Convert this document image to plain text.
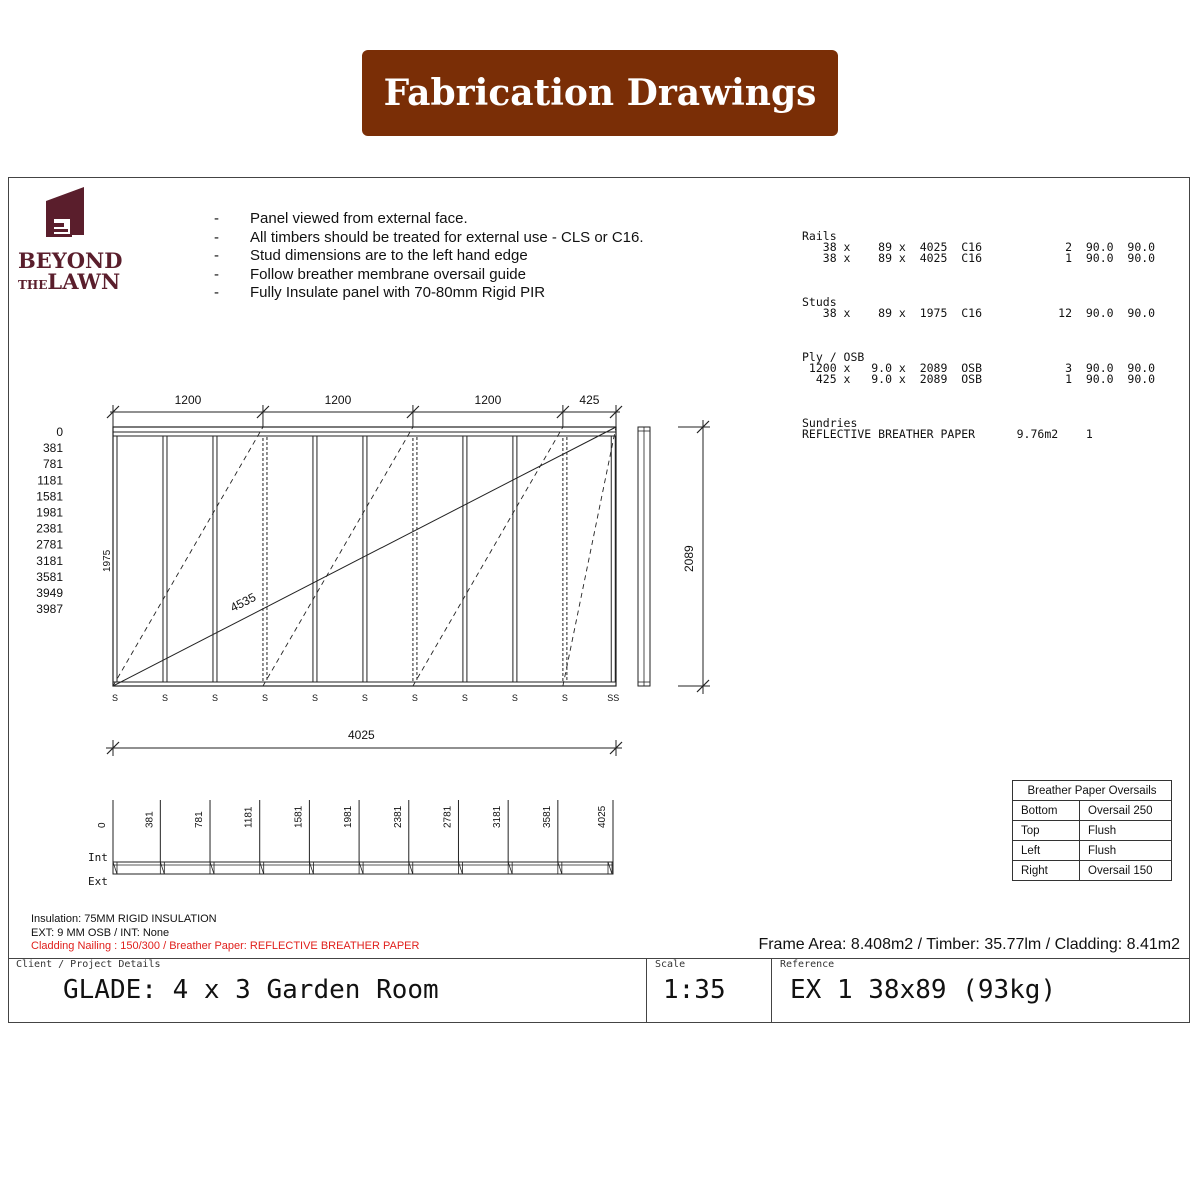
Fabrication Drawings
BEYOND
THELAWN
- Panel viewed from external face.
- All timbers should be treated for external use - CLS or C16.
- Stud dimensions are to the left hand edge
- Follow breather membrane oversail guide
- Fully Insulate panel with 70-80mm Rigid PIR

Rails
38 x    89 x  4025  C16            2  90.0  90.0
38 x    89 x  4025  C16            1  90.0  90.0

Studs
38 x    89 x  1975  C16           12  90.0  90.0

Ply / OSB
1200 x   9.0 x  2089  OSB            3  90.0  90.0
425 x   9.0 x  2089  OSB            1  90.0  90.0

Sundries
REFLECTIVE BREATHER PAPER      9.76m2    1

1200	1200	1200	425
4535
1975
0
381
781
1181
1581
1981
2381
2781
3181
3581
3949
3987
2089
S	S	S	S	S	S	S	S	S	S	SS
4025
0	381	781	1181	1581	1981	2381	2781	3181	3581	4025
Int
Ext
Breather Paper Oversails	
Bottom	Oversail 250
Top	Flush
Left	Flush
Right	Oversail 150
Insulation: 75MM RIGID INSULATION
EXT: 9 MM OSB / INT: None
Cladding Nailing : 150/300 / Breather Paper: REFLECTIVE BREATHER PAPER	Frame Area: 8.408m2 / Timber: 35.77lm / Cladding: 8.41m2
Client / Project Details
GLADE: 4 x 3 Garden Room
Scale
1:35
Reference
EX 1 38x89 (93kg)
